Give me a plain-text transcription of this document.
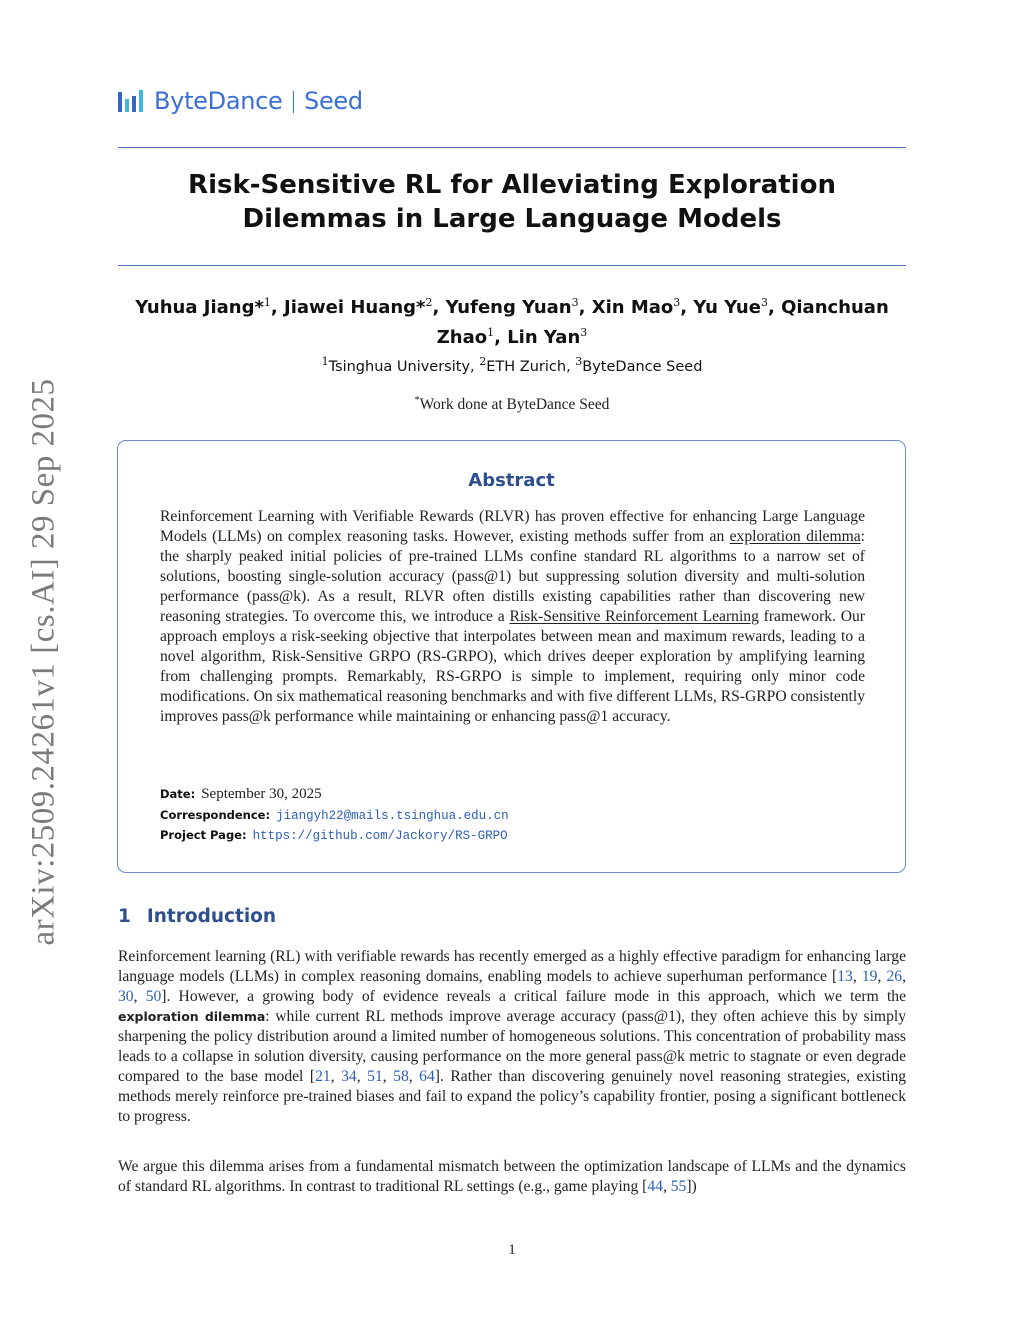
arXiv:2509.24261v1 [cs.AI] 29 Sep 2025
ByteDance Seed
Risk-Sensitive RL for Alleviating Exploration Dilemmas in Large Language Models
Yuhua Jiang*$^1$, Jiawei Huang*$^2$, Yufeng Yuan$^3$, Xin Mao$^3$, Yu Yue$^3$, Qianchuan Zhao$^1$, Lin Yan$^3$
$^1$Tsinghua University, $^2$ETH Zurich, $^3$ByteDance Seed
*Work done at ByteDance Seed
Abstract
Reinforcement Learning with Verifiable Rewards (RLVR) has proven effective for enhancing Large Language Models (LLMs) on complex reasoning tasks. However, existing methods suffer from an exploration dilemma: the sharply peaked initial policies of pre-trained LLMs confine standard RL algorithms to a narrow set of solutions, boosting single-solution accuracy (pass@1) but suppressing solution diversity and multi-solution performance (pass@k). As a result, RLVR often distills existing capabilities rather than discovering new reasoning strategies. To overcome this, we introduce a Risk-Sensitive Reinforcement Learning framework. Our approach employs a risk-seeking objective that interpolates between mean and maximum rewards, leading to a novel algorithm, Risk-Sensitive GRPO (RS-GRPO), which drives deeper exploration by amplifying learning from challenging prompts. Remarkably, RS-GRPO is simple to implement, requiring only minor code modifications. On six mathematical reasoning benchmarks and with five different LLMs, RS-GRPO consistently improves pass@k performance while maintaining or enhancing pass@1 accuracy.
Date: September 30, 2025
Correspondence: jiangyh22@mails.tsinghua.edu.cn
Project Page: https://github.com/Jackory/RS-GRPO
1 Introduction
Reinforcement learning (RL) with verifiable rewards has recently emerged as a highly effective paradigm for enhancing large language models (LLMs) in complex reasoning domains, enabling models to achieve superhuman performance [13, 19, 26, 30, 50]. However, a growing body of evidence reveals a critical failure mode in this approach, which we term the exploration dilemma: while current RL methods improve average accuracy (pass@1), they often achieve this by simply sharpening the policy distribution around a limited number of homogeneous solutions. This concentration of probability mass leads to a collapse in solution diversity, causing performance on the more general pass@k metric to stagnate or even degrade compared to the base model [21, 34, 51, 58, 64]. Rather than discovering genuinely novel reasoning strategies, existing methods merely reinforce pre-trained biases and fail to expand the policy’s capability frontier, posing a significant bottleneck to progress.
We argue this dilemma arises from a fundamental mismatch between the optimization landscape of LLMs and the dynamics of standard RL algorithms. In contrast to traditional RL settings (e.g., game playing [44, 55])
1
